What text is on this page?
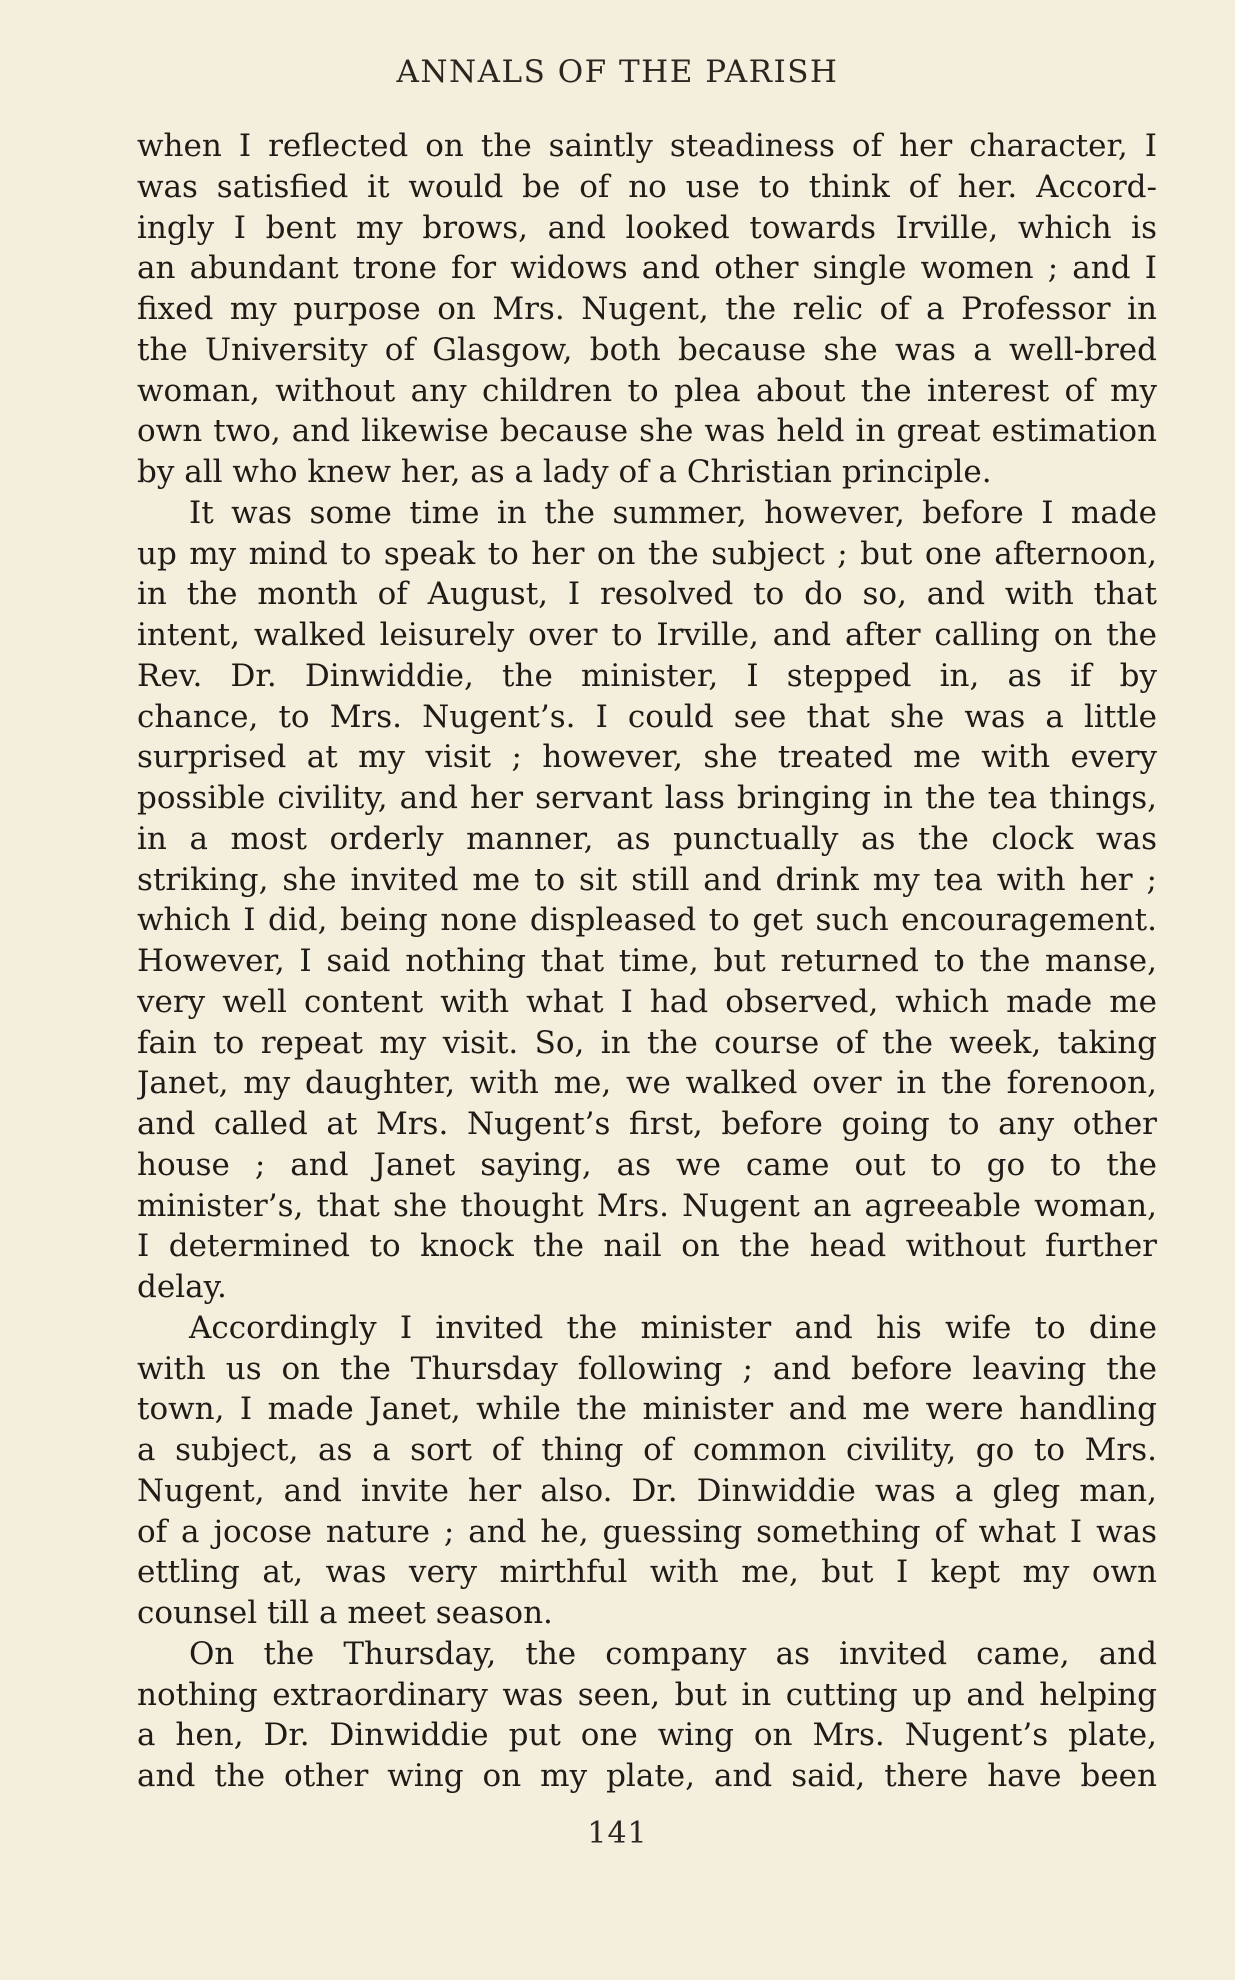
ANNALS OF THE PARISH
when I reflected on the saintly steadiness of her character, I
was satisfied it would be of no use to think of her. Accord-
ingly I bent my brows, and looked towards Irville, which is
an abundant trone for widows and other single women ; and I
fixed my purpose on Mrs. Nugent, the relic of a Professor in
the University of Glasgow, both because she was a well-bred
woman, without any children to plea about the interest of my
own two, and likewise because she was held in great estimation
by all who knew her, as a lady of a Christian principle.
It was some time in the summer, however, before I made
up my mind to speak to her on the subject ; but one afternoon,
in the month of August, I resolved to do so, and with that
intent, walked leisurely over to Irville, and after calling on the
Rev. Dr. Dinwiddie, the minister, I stepped in, as if by
chance, to Mrs. Nugent’s. I could see that she was a little
surprised at my visit ; however, she treated me with every
possible civility, and her servant lass bringing in the tea things,
in a most orderly manner, as punctually as the clock was
striking, she invited me to sit still and drink my tea with her ;
which I did, being none displeased to get such encouragement.
However, I said nothing that time, but returned to the manse,
very well content with what I had observed, which made me
fain to repeat my visit. So, in the course of the week, taking
Janet, my daughter, with me, we walked over in the forenoon,
and called at Mrs. Nugent’s first, before going to any other
house ; and Janet saying, as we came out to go to the
minister’s, that she thought Mrs. Nugent an agreeable woman,
I determined to knock the nail on the head without further
delay.
Accordingly I invited the minister and his wife to dine
with us on the Thursday following ; and before leaving the
town, I made Janet, while the minister and me were handling
a subject, as a sort of thing of common civility, go to Mrs.
Nugent, and invite her also. Dr. Dinwiddie was a gleg man,
of a jocose nature ; and he, guessing something of what I was
ettling at, was very mirthful with me, but I kept my own
counsel till a meet season.
On the Thursday, the company as invited came, and
nothing extraordinary was seen, but in cutting up and helping
a hen, Dr. Dinwiddie put one wing on Mrs. Nugent’s plate,
and the other wing on my plate, and said, there have been
141
